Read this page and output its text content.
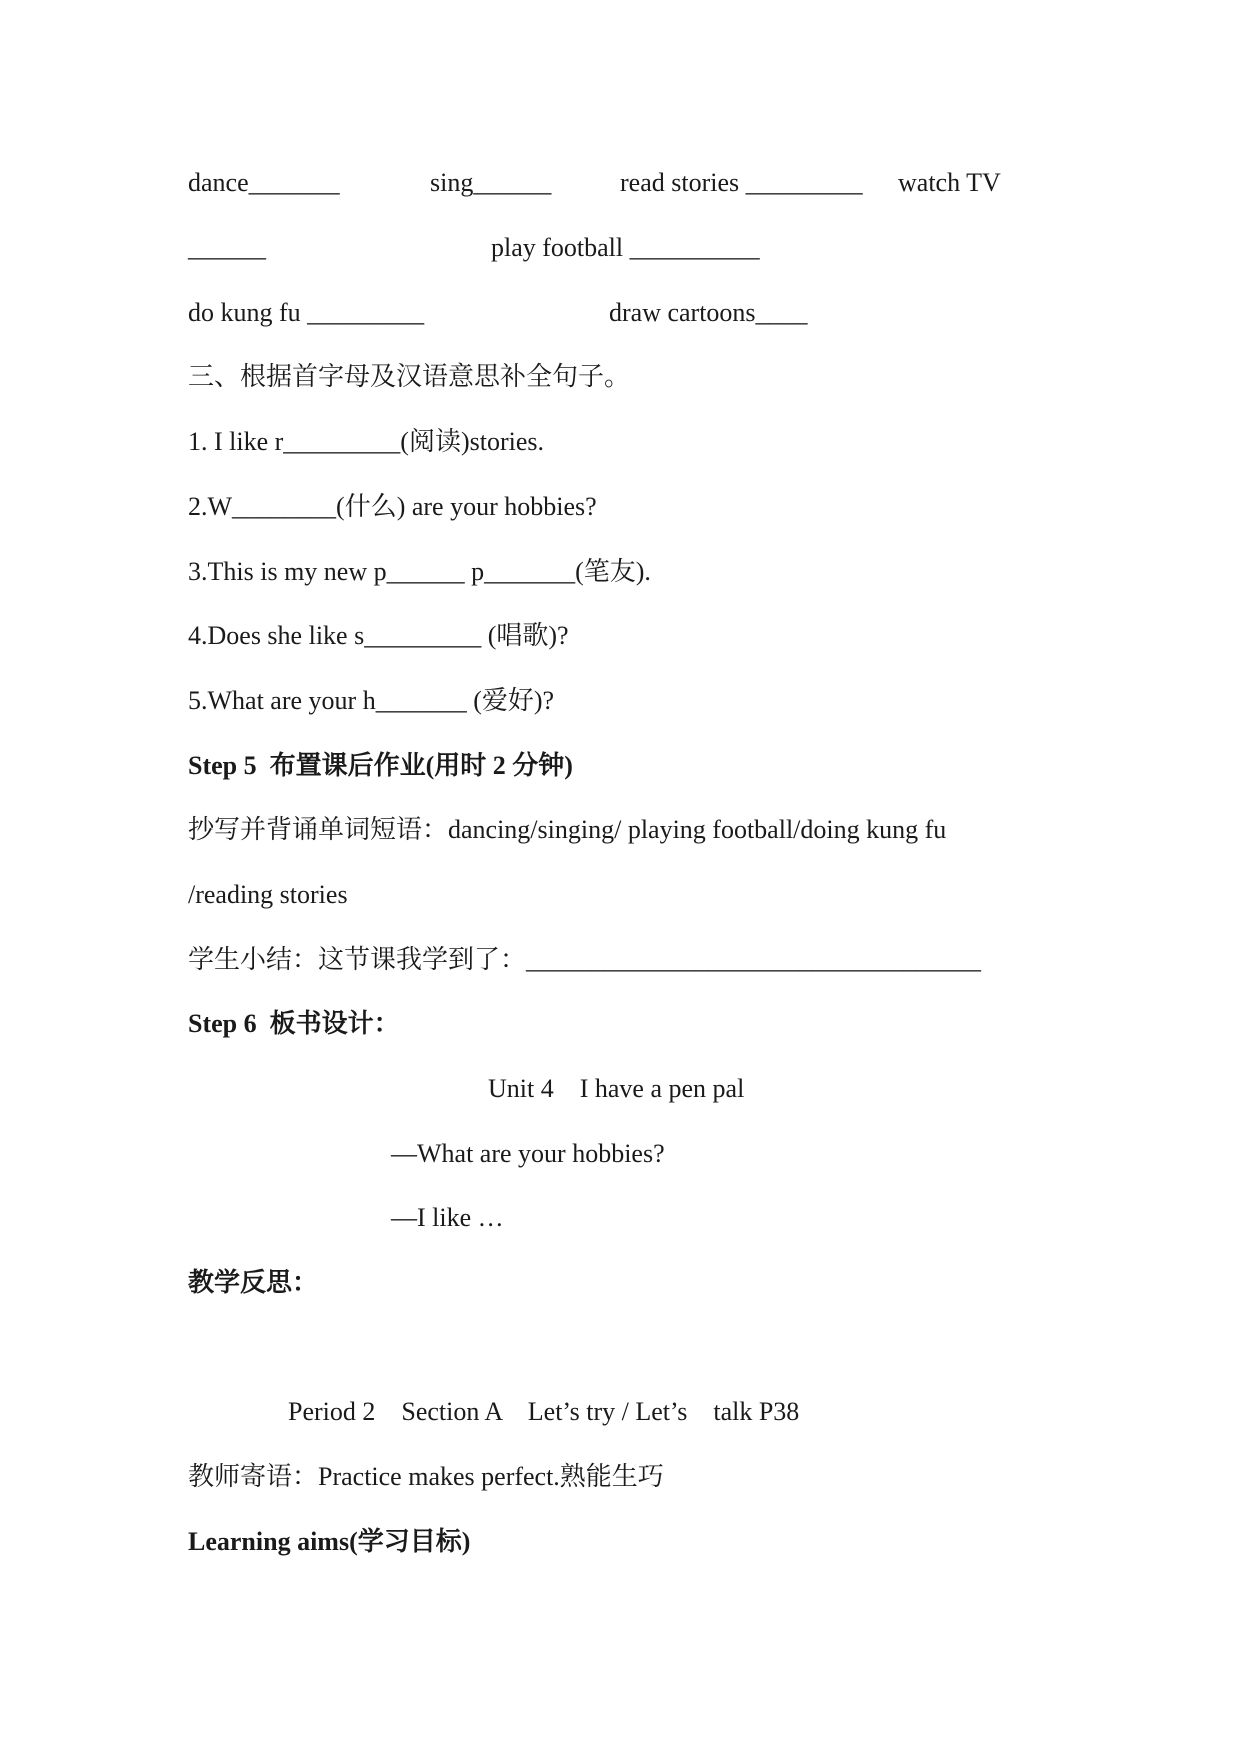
dance_______	sing______	read stories _________ watch TV
______	play football __________
do kung fu _________	draw cartoons____
三、根据首字母及汉语意思补全句子。
1. I like r_________(阅读)stories.
2.W________(什么) are your hobbies?
3.This is my new p______ p_______(笔友).
4.Does she like s_________ (唱歌)?
5.What are your h_______ (爱好)?
Step 5  布置课后作业(用时 2 分钟)
抄写并背诵单词短语：dancing/singing/ playing football/doing kung fu
/reading stories
学生小结：这节课我学到了：___________________________________
Step 6  板书设计：
Unit 4    I have a pen pal
—What are your hobbies?
—I like …
教学反思：
Period 2    Section A    Let’s try / Let’s    talk P38
教师寄语：Practice makes perfect.熟能生巧
Learning aims(学习目标)
